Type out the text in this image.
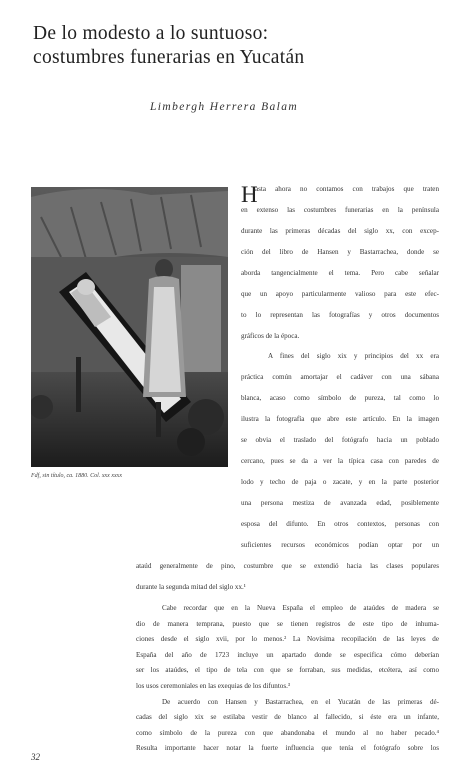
De lo modesto a lo suntuoso:
costumbres funerarias en Yucatán
Limbergh Herrera Balam
Fdf, sin título, ca. 1880. Col. xxx xxxx
H
asta ahora no contamos con trabajos que traten
en extenso las costumbres funerarias en la península
durante las primeras décadas del siglo xx, con excep-
ción del libro de Hansen y Bastarrachea, donde se
aborda tangencialmente el tema. Pero cabe señalar
que un apoyo particularmente valioso para este efec-
to lo representan las fotografías y otros documentos
gráficos de la época.
A fines del siglo xix y principios del xx era
práctica común amortajar el cadáver con una sábana
blanca, acaso como símbolo de pureza, tal como lo
ilustra la fotografía que abre este artículo. En la imagen
se obvia el traslado del fotógrafo hacia un poblado
cercano, pues se da a ver la típica casa con paredes de
lodo y techo de paja o zacate, y en la parte posterior
una persona mestiza de avanzada edad, posiblemente
esposa del difunto. En otros contextos, personas con
suficientes recursos económicos podían optar por un
ataúd generalmente de pino, costumbre que se extendió hacia las clases populares
durante la segunda mitad del siglo xx.¹
Cabe recordar que en la Nueva España el empleo de ataúdes de madera se
dio de manera temprana, puesto que se tienen registros de este tipo de inhuma-
ciones desde el siglo xvii, por lo menos.² La Novísima recopilación de las leyes de
España del año de 1723 incluye un apartado donde se especifica cómo deberían
ser los ataúdes, el tipo de tela con que se forraban, sus medidas, etcétera, así como
los usos ceremoniales en las exequias de los difuntos.³
De acuerdo con Hansen y Bastarrachea, en el Yucatán de las primeras dé-
cadas del siglo xix se estilaba vestir de blanco al fallecido, si éste era un infante,
como símbolo de la pureza con que abandonaba el mundo al no haber pecado.⁴
Resulta importante hacer notar la fuerte influencia que tenía el fotógrafo sobre los
32
